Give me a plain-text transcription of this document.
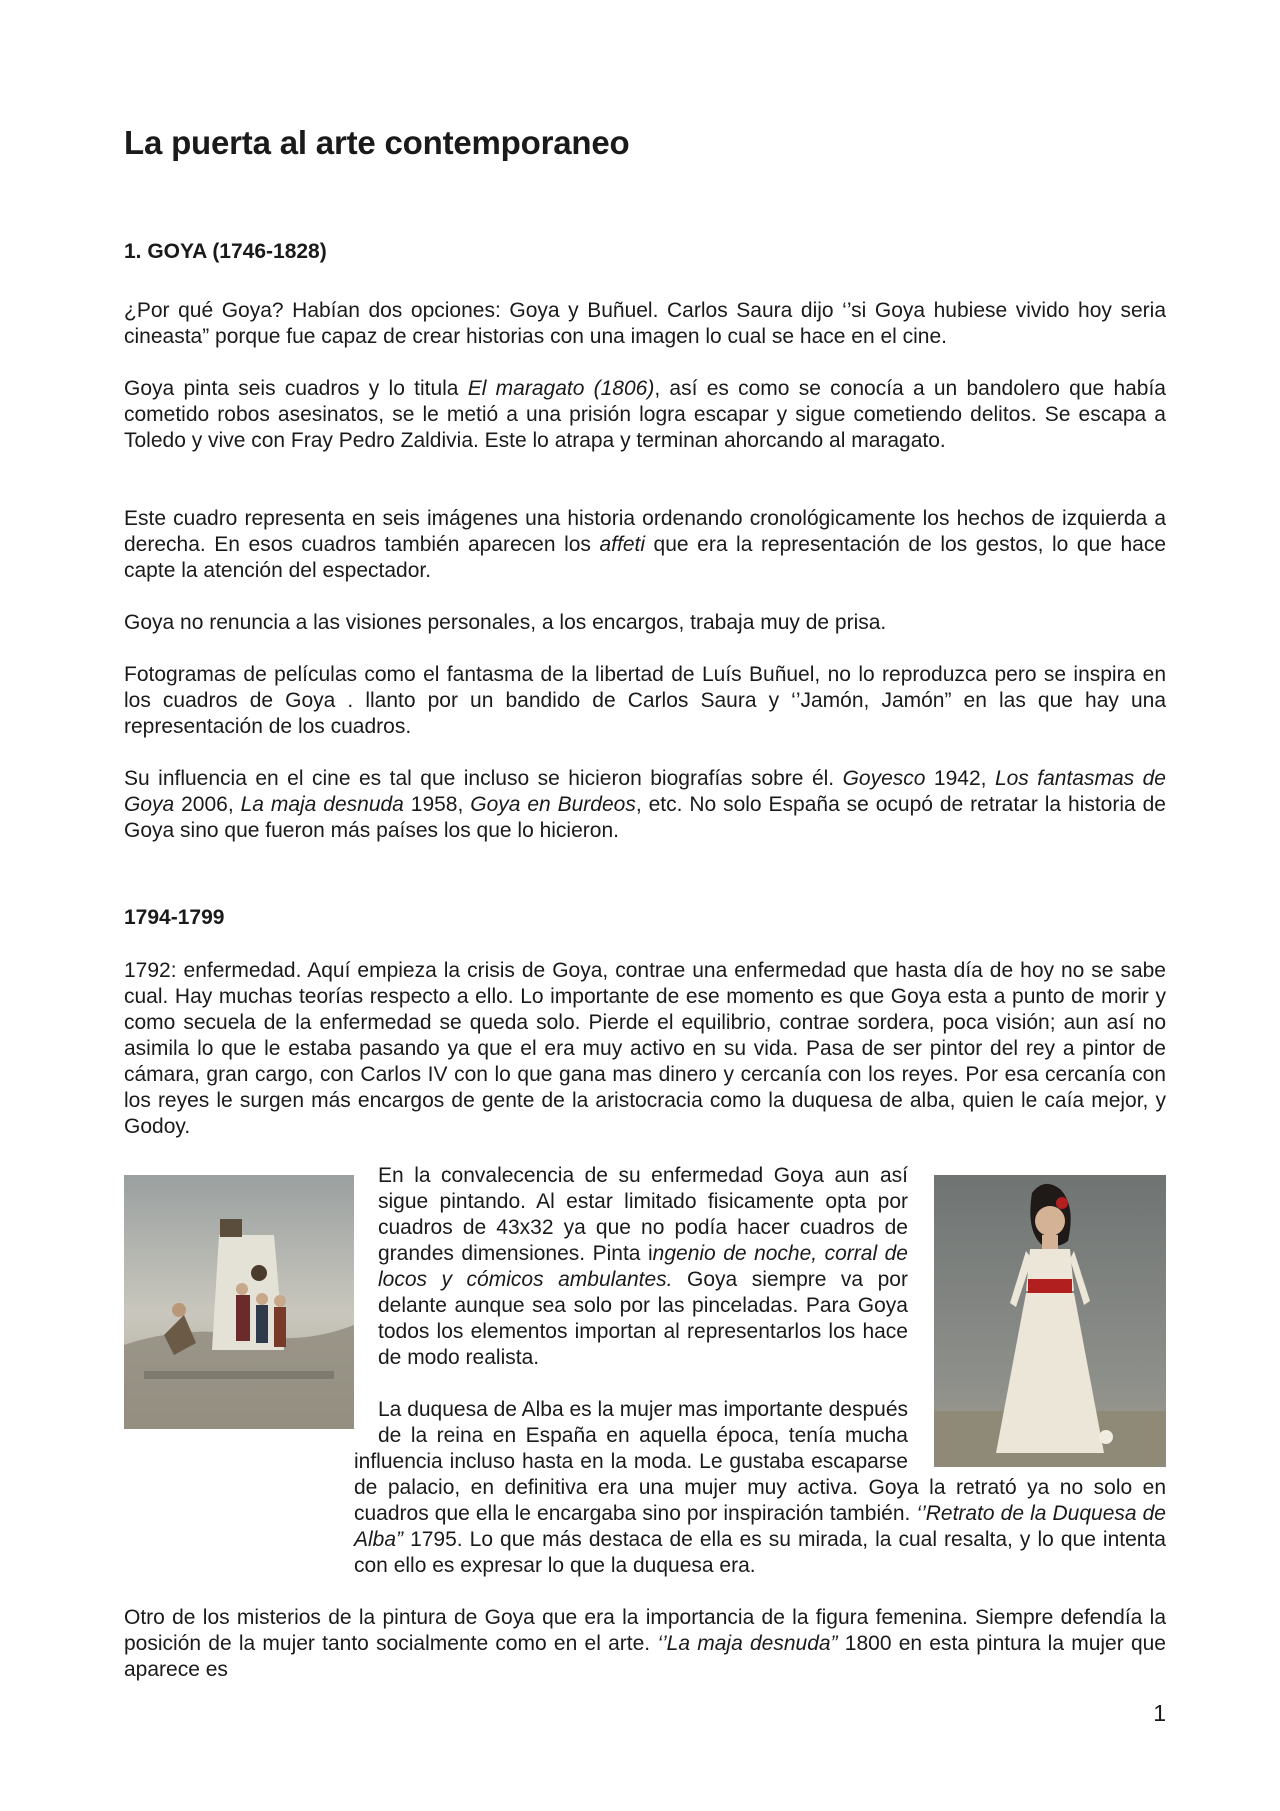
La puerta al arte contemporaneo
1. GOYA (1746-1828)

¿Por qué Goya? Habían dos opciones: Goya y Buñuel. Carlos Saura dijo ‘’si Goya hubiese vivido hoy seria cineasta” porque fue capaz de crear historias con una imagen lo cual se hace en el cine.

Goya pinta seis cuadros y lo titula El maragato (1806), así es como se conocía a un bandolero que había cometido robos asesinatos, se le metió a una prisión logra escapar y sigue cometiendo delitos. Se escapa a Toledo y vive con Fray Pedro Zaldivia. Este lo atrapa y terminan ahorcando al maragato.

Este cuadro representa en seis imágenes una historia ordenando cronológicamente los hechos de izquierda a derecha. En esos cuadros también aparecen los affeti que era la representación de los gestos, lo que hace capte la atención del espectador.

Goya no renuncia a las visiones personales, a los encargos, trabaja muy de prisa.

Fotogramas de películas como el fantasma de la libertad de Luís Buñuel, no lo reproduzca pero se inspira en los cuadros de Goya . llanto por un bandido de Carlos Saura y ‘’Jamón, Jamón” en las que hay una representación de los cuadros.

Su influencia en el cine es tal que incluso se hicieron biografías sobre él. Goyesco 1942, Los fantasmas de Goya 2006, La maja desnuda 1958, Goya en Burdeos, etc. No solo España se ocupó de retratar la historia de Goya sino que fueron más países los que lo hicieron.

1794-1799

1792: enfermedad. Aquí empieza la crisis de Goya, contrae una enfermedad que hasta día de hoy no se sabe cual. Hay muchas teorías respecto a ello. Lo importante de ese momento es que Goya esta a punto de morir y como secuela de la enfermedad se queda solo. Pierde el equilibrio, contrae sordera, poca visión; aun así no asimila lo que le estaba pasando ya que el era muy activo en su vida. Pasa de ser pintor del rey a pintor de cámara, gran cargo, con Carlos IV con lo que gana mas dinero y cercanía con los reyes. Por esa cercanía con los reyes le surgen más encargos de gente de la aristocracia como la duquesa de alba, quien le caía mejor, y Godoy.

En la convalecencia de su enfermedad Goya aun así sigue pintando. Al estar limitado fisicamente opta por cuadros de 43x32 ya que no podía hacer cuadros de grandes dimensiones. Pinta ingenio de noche, corral de locos y cómicos ambulantes. Goya siempre va por delante aunque sea solo por las pinceladas. Para Goya todos los elementos importan al representarlos los hace de modo realista.

La duquesa de Alba es la mujer mas importante después de la reina en España en aquella época, tenía mucha influencia incluso hasta en la moda. Le gustaba escaparse de palacio, en definitiva era una mujer muy activa. Goya la retrató ya no solo en cuadros que ella le encargaba sino por inspiración también. ‘’Retrato de la Duquesa de Alba” 1795. Lo que más destaca de ella es su mirada, la cual resalta, y lo que intenta con ello es expresar lo que la duquesa era.

Otro de los misterios de la pintura de Goya que era la importancia de la figura femenina. Siempre defendía la posición de la mujer tanto socialmente como en el arte. ‘’La maja desnuda” 1800 en esta pintura la mujer que aparece es

1
